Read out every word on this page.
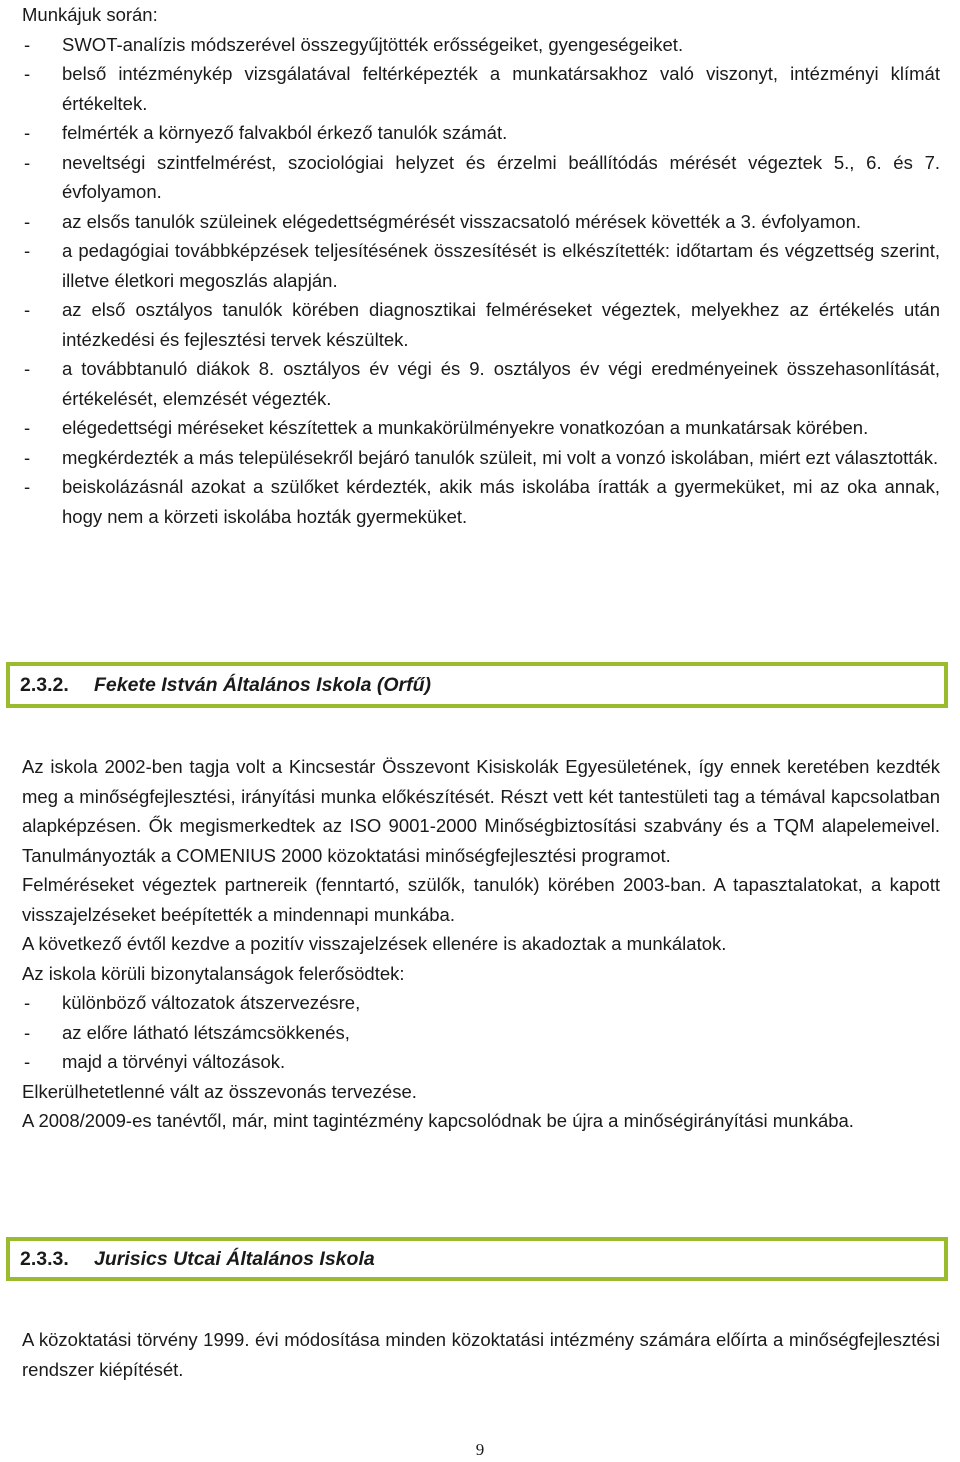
Munkájuk során:

- SWOT-analízis módszerével összegyűjtötték erősségeiket, gyengeségeiket.
- belső intézménykép vizsgálatával feltérképezték a munkatársakhoz való viszonyt, intézményi klímát értékeltek.
- felmérték a környező falvakból érkező tanulók számát.
- neveltségi szintfelmérést, szociológiai helyzet és érzelmi beállítódás mérését végeztek 5., 6. és 7. évfolyamon.
- az elsős tanulók szüleinek elégedettségmérését visszacsatoló mérések követték a 3. évfolyamon.
- a pedagógiai továbbképzések teljesítésének összesítését is elkészítették: időtartam és végzettség szerint, illetve életkori megoszlás alapján.
- az első osztályos tanulók körében diagnosztikai felméréseket végeztek, melyekhez az értékelés után intézkedési és fejlesztési tervek készültek.
- a továbbtanuló diákok 8. osztályos év végi és 9. osztályos év végi eredményeinek összehasonlítását, értékelését, elemzését végezték.
- elégedettségi méréseket készítettek a munkakörülményekre vonatkozóan a munkatársak körében.
- megkérdezték a más településekről bejáró tanulók szüleit, mi volt a vonzó iskolában, miért ezt választották.
- beiskolázásnál azokat a szülőket kérdezték, akik más iskolába íratták a gyermeküket, mi az oka annak, hogy nem a körzeti iskolába hozták gyermeküket.
2.3.2. Fekete István Általános Iskola (Orfű)

Az iskola 2002-ben tagja volt a Kincsestár Összevont Kisiskolák Egyesületének, így ennek keretében kezdték meg a minőségfejlesztési, irányítási munka előkészítését. Részt vett két tantestületi tag a témával kapcsolatban alapképzésen. Ők megismerkedtek az ISO 9001-2000 Minőségbiztosítási szabvány és a TQM alapelemeivel. Tanulmányozták a COMENIUS 2000 közoktatási minőségfejlesztési programot.

Felméréseket végeztek partnereik (fenntartó, szülők, tanulók) körében 2003-ban. A tapasztalatokat, a kapott visszajelzéseket beépítették a mindennapi munkába.

A következő évtől kezdve a pozitív visszajelzések ellenére is akadoztak a munkálatok.

Az iskola körüli bizonytalanságok felerősödtek:

- különböző változatok átszervezésre,
- az előre látható létszámcsökkenés,
- majd a törvényi változások.

Elkerülhetetlenné vált az összevonás tervezése.

A 2008/2009-es tanévtől, már, mint tagintézmény kapcsolódnak be újra a minőségirányítási munkába.

2.3.3. Jurisics Utcai Általános Iskola

A közoktatási törvény 1999. évi módosítása minden közoktatási intézmény számára előírta a minőségfejlesztési rendszer kiépítését.

9
